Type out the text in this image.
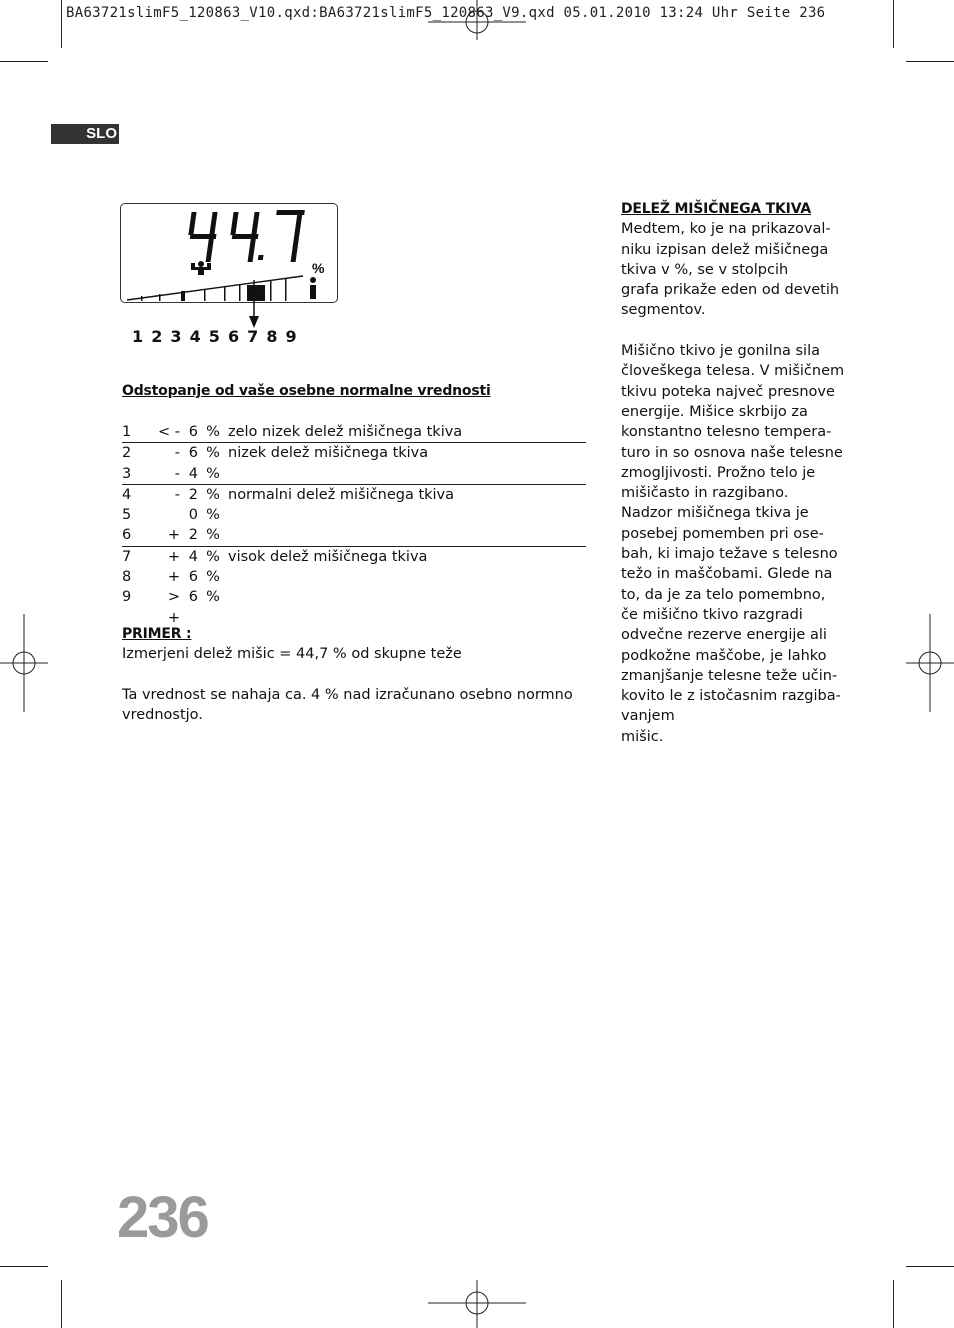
BA63721slimF5_120863_V10.qxd:BA63721slimF5_120863_V9.qxd 05.01.2010 13:24 Uhr Seite 236
SLO
%
1 2 3 4 5 6 7 8 9
Odstopanje od vaše osebne normalne vrednosti
1	< -	6	%	zelo nizek delež mišičnega tkiva
2	-	6	%	nizek delež mišičnega tkiva
3	-	4	%	
4	-	2	%	normalni delež mišičnega tkiva
5		0	%	
6	+	2	%	
7	+	4	%	visok delež mišičnega tkiva
8	+	6	%	
9	> +	6	%	
PRIMER :
Izmerjeni delež mišic = 44,7 % od skupne teže
Ta vrednost se nahaja ca. 4 % nad izračunano osebno normno vrednostjo.
DELEŽ MIŠIČNEGA TKIVA
Medtem, ko je na prikazoval-
niku izpisan delež mišičnega
tkiva v %, se v stolpcih
grafa prikaže eden od devetih
segmentov.
Mišično tkivo je gonilna sila
človeškega telesa. V mišičnem
tkivu poteka največ presnove
energije. Mišice skrbijo za
konstantno telesno tempera-
turo in so osnova naše telesne
zmogljivosti. Prožno telo je
mišičasto in razgibano.
Nadzor mišičnega tkiva je
posebej pomemben pri ose-
bah, ki imajo težave s telesno
težo in maščobami. Glede na
to, da je za telo pomembno,
če mišično tkivo razgradi
odvečne rezerve energije ali
podkožne maščobe, je lahko
zmanjšanje telesne teže učin-
kovito le z istočasnim razgiba-
vanjem
mišic.
236
